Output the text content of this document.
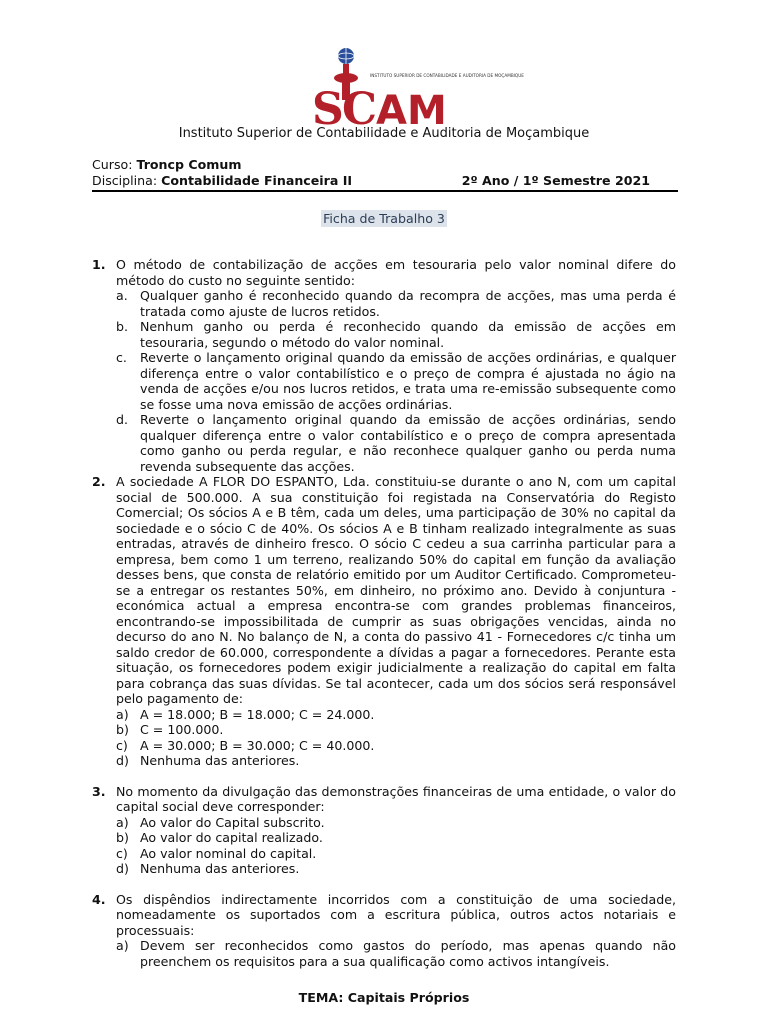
S
C
AM
INSTITUTO SUPERIOR DE CONTABILIDADE E AUDITORIA DE MOÇAMBIQUE
ISCAM
Instituto Superior de Contabilidade e Auditoria de Moçambique
Curso: Troncp Comum
Disciplina: Contabilidade Financeira II	2º Ano / 1º Semestre 2021
Ficha de Trabalho 3
1. O método de contabilização de acções em tesouraria pelo valor nominal difere do método do custo no seguinte sentido:
a. Qualquer ganho é reconhecido quando da recompra de acções, mas uma perda é tratada como ajuste de lucros retidos.
b. Nenhum ganho ou perda é reconhecido quando da emissão de acções em tesouraria, segundo o método do valor nominal.
c.	Reverte o lançamento original quando da emissão de acções ordinárias, e qualquer diferença entre o valor contabilístico e o preço de compra é ajustada no ágio na venda de acções e/ou nos lucros retidos, e trata uma re-emissão subsequente como se fosse uma nova emissão de acções ordinárias.
d. Reverte o lançamento original quando da emissão de acções ordinárias, sendo qualquer diferença entre o valor contabilístico e o preço de compra apresentada como ganho ou perda regular, e não reconhece qualquer ganho ou perda numa revenda subsequente das acções.
2. A sociedade A FLOR DO ESPANTO, Lda. constituiu-se durante o ano N, com um capital social de 500.000. A sua constituição foi registada na Conservatória do Registo Comercial; Os sócios A e B têm, cada um deles, uma participação de 30% no capital da sociedade e o sócio C de 40%. Os sócios A e B tinham realizado integralmente as suas entradas, através de dinheiro fresco. O sócio C cedeu a sua carrinha particular para a empresa, bem como 1 um terreno, realizando 50% do capital em função da avaliação desses bens, que consta de relatório emitido por um Auditor Certificado. Comprometeu-se a entregar os restantes 50%, em dinheiro, no próximo ano. Devido à conjuntura - económica actual a empresa encontra-se com grandes problemas financeiros, encontrando-se impossibilitada de cumprir as suas obrigações vencidas, ainda no decurso do ano N. No balanço de N, a conta do passivo 41 - Fornecedores c/c tinha um saldo credor de 60.000, correspondente a dívidas a pagar a fornecedores. Perante esta situação, os fornecedores podem exigir judicialmente a realização do capital em falta para cobrança das suas dívidas. Se tal acontecer, cada um dos sócios será responsável pelo pagamento de:
a) A = 18.000; B = 18.000; C = 24.000.
b) C = 100.000.
c) A = 30.000; B = 30.000; C = 40.000.
d) Nenhuma das anteriores.
3. No momento da divulgação das demonstrações financeiras de uma entidade, o valor do capital social deve corresponder:
a) Ao valor do Capital subscrito.
b) Ao valor do capital realizado.
c) Ao valor nominal do capital.
d) Nenhuma das anteriores.
4. Os dispêndios indirectamente incorridos com a constituição de uma sociedade, nomeadamente os suportados com a escritura pública, outros actos notariais e processuais:
a) Devem ser reconhecidos como gastos do período, mas apenas quando não preenchem os requisitos para a sua qualificação como activos intangíveis.
TEMA: Capitais Próprios
